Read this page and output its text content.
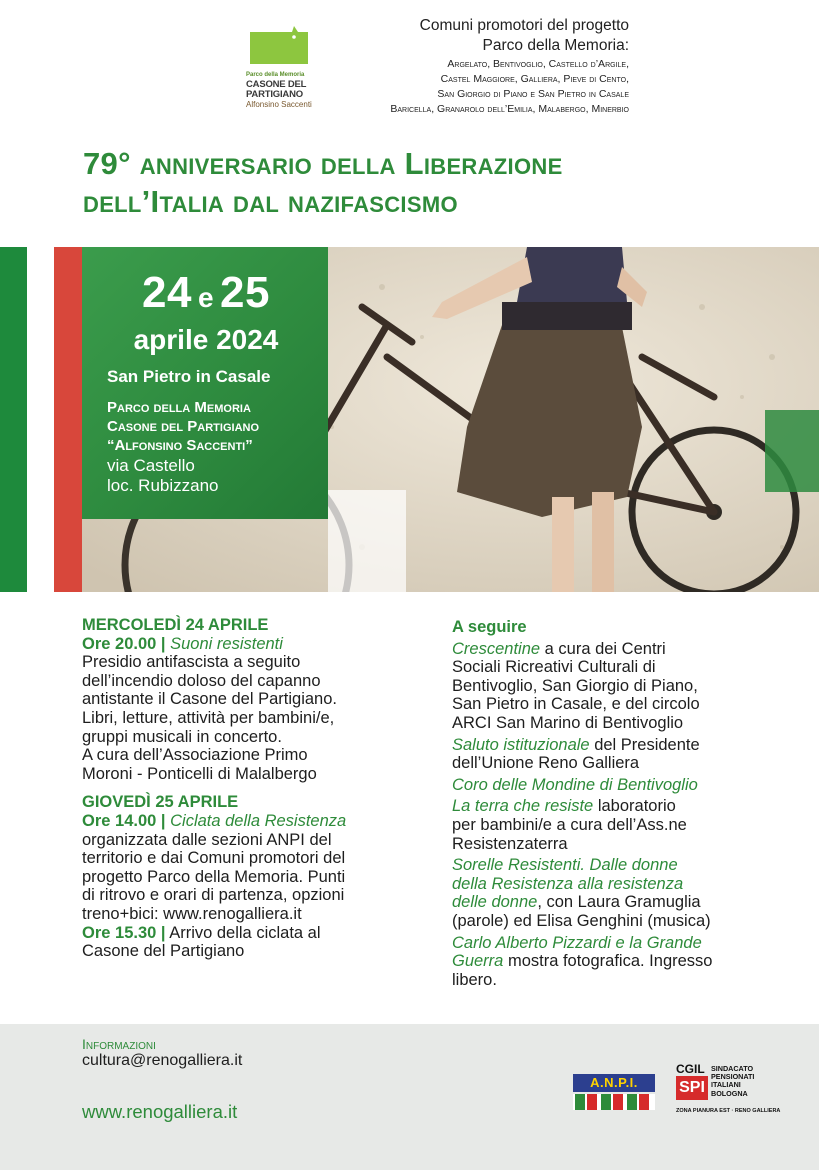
Parco della Memoria
CASONE DEL
PARTIGIANO
Alfonsino Saccenti
Comuni promotori del progetto
Parco della Memoria:
Argelato, Bentivoglio, Castello d’Argile,
Castel Maggiore, Galliera, Pieve di Cento,
San Giorgio di Piano e San Pietro in Casale
Baricella, Granarolo dell’Emilia, Malabergo, Minerbio
79° anniversario della Liberazione
dell’Italia dal nazifascismo
24 e 25
aprile 2024
San Pietro in Casale
Parco della Memoria
Casone del Partigiano
“Alfonsino Saccenti”
via Castello
loc. Rubizzano
MERCOLEDÌ 24 APRILE
Ore 20.00 | Suoni resistenti
Presidio antifascista a seguito
dell’incendio doloso del capanno
antistante il Casone del Partigiano.
Libri, letture, attività per bambini/e,
gruppi musicali in concerto.
A cura dell’Associazione Primo
Moroni - Ponticelli di Malalbergo
GIOVEDÌ 25 APRILE
Ore 14.00 | Ciclata della Resistenza
organizzata dalle sezioni ANPI del
territorio e dai Comuni promotori del
progetto Parco della Memoria. Punti
di ritrovo e orari di partenza, opzioni
treno+bici: www.renogalliera.it
Ore 15.30 | Arrivo della ciclata al
Casone del Partigiano
A seguire
Crescentine a cura dei Centri
Sociali Ricreativi Culturali di
Bentivoglio, San Giorgio di Piano,
San Pietro in Casale, e del circolo
ARCI San Marino di Bentivoglio
Saluto istituzionale del Presidente
dell’Unione Reno Galliera
Coro delle Mondine di Bentivoglio
La terra che resiste laboratorio
per bambini/e a cura dell’Ass.ne
Resistenzaterra
Sorelle Resistenti. Dalle donne
della Resistenza alla resistenza
delle donne, con Laura Gramuglia
(parole) ed Elisa Genghini (musica)
Carlo Alberto Pizzardi e la Grande
Guerra mostra fotografica. Ingresso
libero.
Informazioni
cultura@renogalliera.it
www.renogalliera.it
A.N.P.I.
CGIL
SPI
SINDACATO
PENSIONATI
ITALIANI
BOLOGNA
ZONA PIANURA EST · RENO GALLIERA
